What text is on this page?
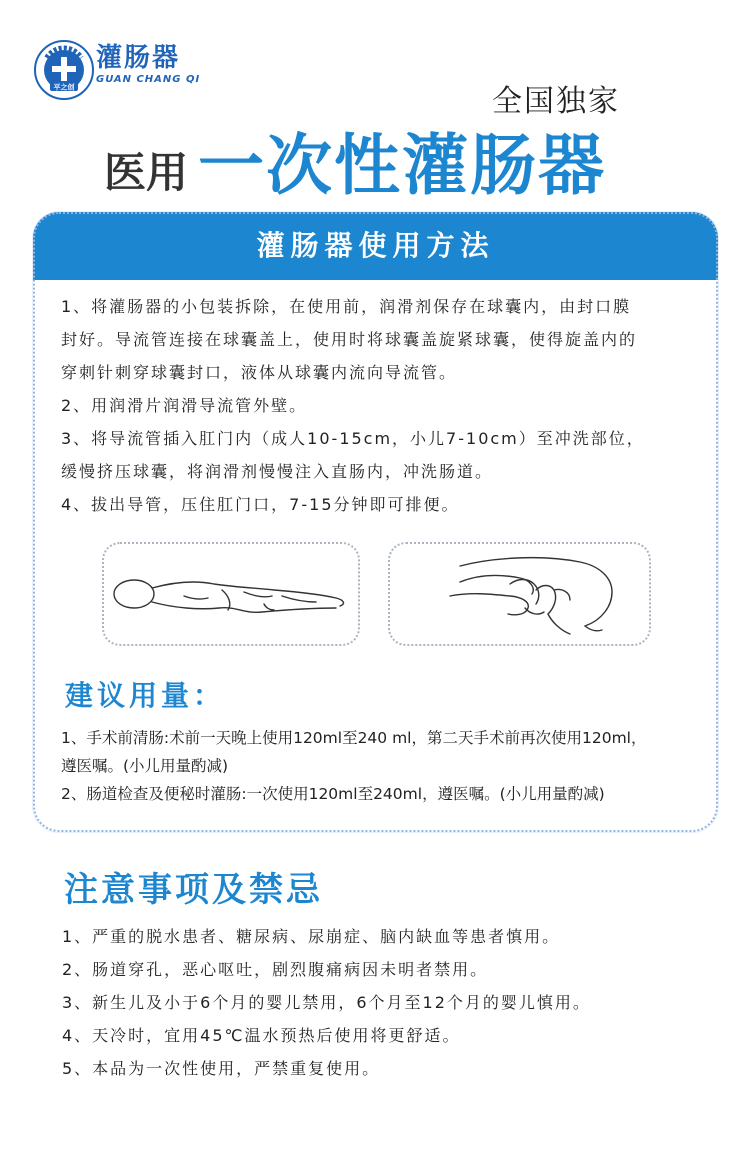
平之创
灌肠器
GUAN CHANG QI
全国独家
医用 一次性灌肠器
灌肠器使用方法
1、将灌肠器的小包装拆除，在使用前，润滑剂保存在球囊内，由封口膜
封好。导流管连接在球囊盖上，使用时将球囊盖旋紧球囊，使得旋盖内的
穿刺针刺穿球囊封口，液体从球囊内流向导流管。
2、用润滑片润滑导流管外壁。
3、将导流管插入肛门内（成人10-15cm，小儿7-10cm）至冲洗部位，
缓慢挤压球囊，将润滑剂慢慢注入直肠内，冲洗肠道。
4、拔出导管，压住肛门口，7-15分钟即可排便。
建议用量：
1、手术前清肠:术前一天晚上使用120ml至240 ml，第二天手术前再次使用120ml，
遵医嘱。(小儿用量酌减)
2、肠道检查及便秘时灌肠:一次使用120ml至240ml，遵医嘱。(小儿用量酌减)
注意事项及禁忌
1、严重的脱水患者、糖尿病、尿崩症、脑内缺血等患者慎用。
2、肠道穿孔，恶心呕吐，剧烈腹痛病因未明者禁用。
3、新生儿及小于6个月的婴儿禁用，6个月至12个月的婴儿慎用。
4、天冷时，宜用45℃温水预热后使用将更舒适。
5、本品为一次性使用，严禁重复使用。
